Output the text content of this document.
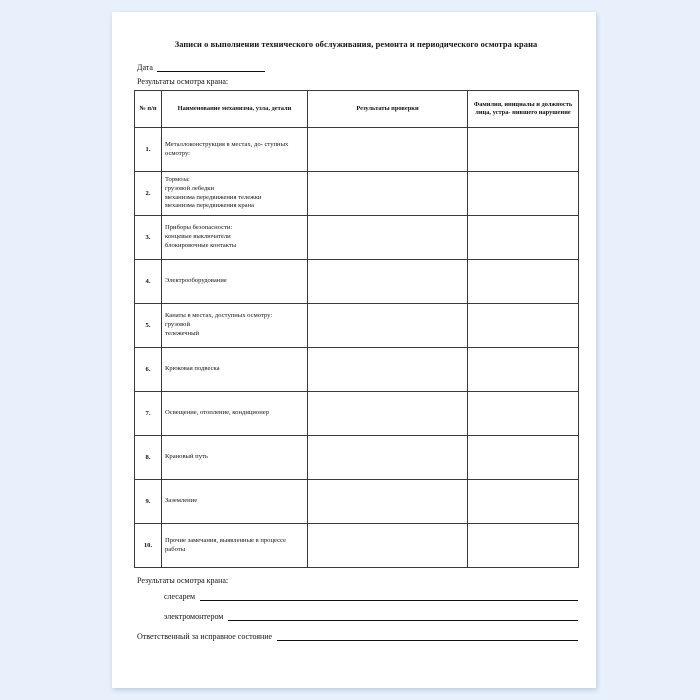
Записи о выполнении технического обслуживания, ремонта и периодического осмотра крана
Дата
Результаты осмотра крана:
№ п/п	Наименование механизма, узла, детали	Результаты проверки	Фамилия, инициалы и должность лица, устра- нившего нарушение
1.	Металлоконструкция в местах, до- ступных осмотру:		
2.	Тормоза:
грузовой лебедки
механизма передвижения тележки
механизма передвижения крана		
3.	Приборы безопасности:
концевые выключатели
блокировочные контакты		
4.	Электрооборудование		
5.	Канаты в местах, доступных осмотру:
грузовой
тележечный		
6.	Крюковая подвеска		
7.	Освещение, отопление, кондиционер		
8.	Крановый путь		
9.	Заземление		
10.	Прочие замечания, выявленные в процессе работы		
Результаты осмотра крана:
слесарем
электромонтером
Ответственный за исправное состояние
